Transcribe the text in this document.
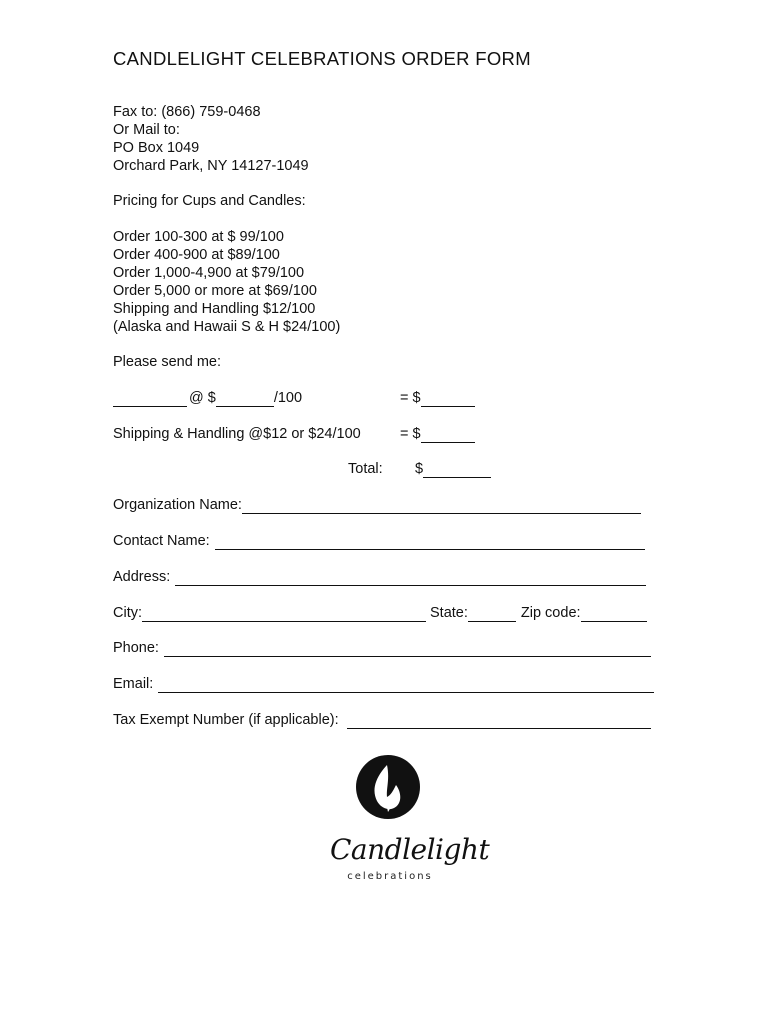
CANDLELIGHT CELEBRATIONS ORDER FORM
Fax to: (866) 759-0468
Or Mail to:
PO Box 1049
Orchard Park, NY 14127-1049
Pricing for Cups and Candles:
Order 100-300 at $ 99/100
Order 400-900 at $89/100
Order 1,000-4,900 at $79/100
Order 5,000 or more at $69/100
Shipping and Handling $12/100
(Alaska and Hawaii S & H $24/100)
Please send me:
@ $	/100	= $
Shipping & Handling @$12 or $24/100	= $
Total: $
Organization Name:
Contact Name:
Address:
City:	State:	Zip code:
Phone:
Email:
Tax Exempt Number (if applicable):
Candlelight
celebrations
